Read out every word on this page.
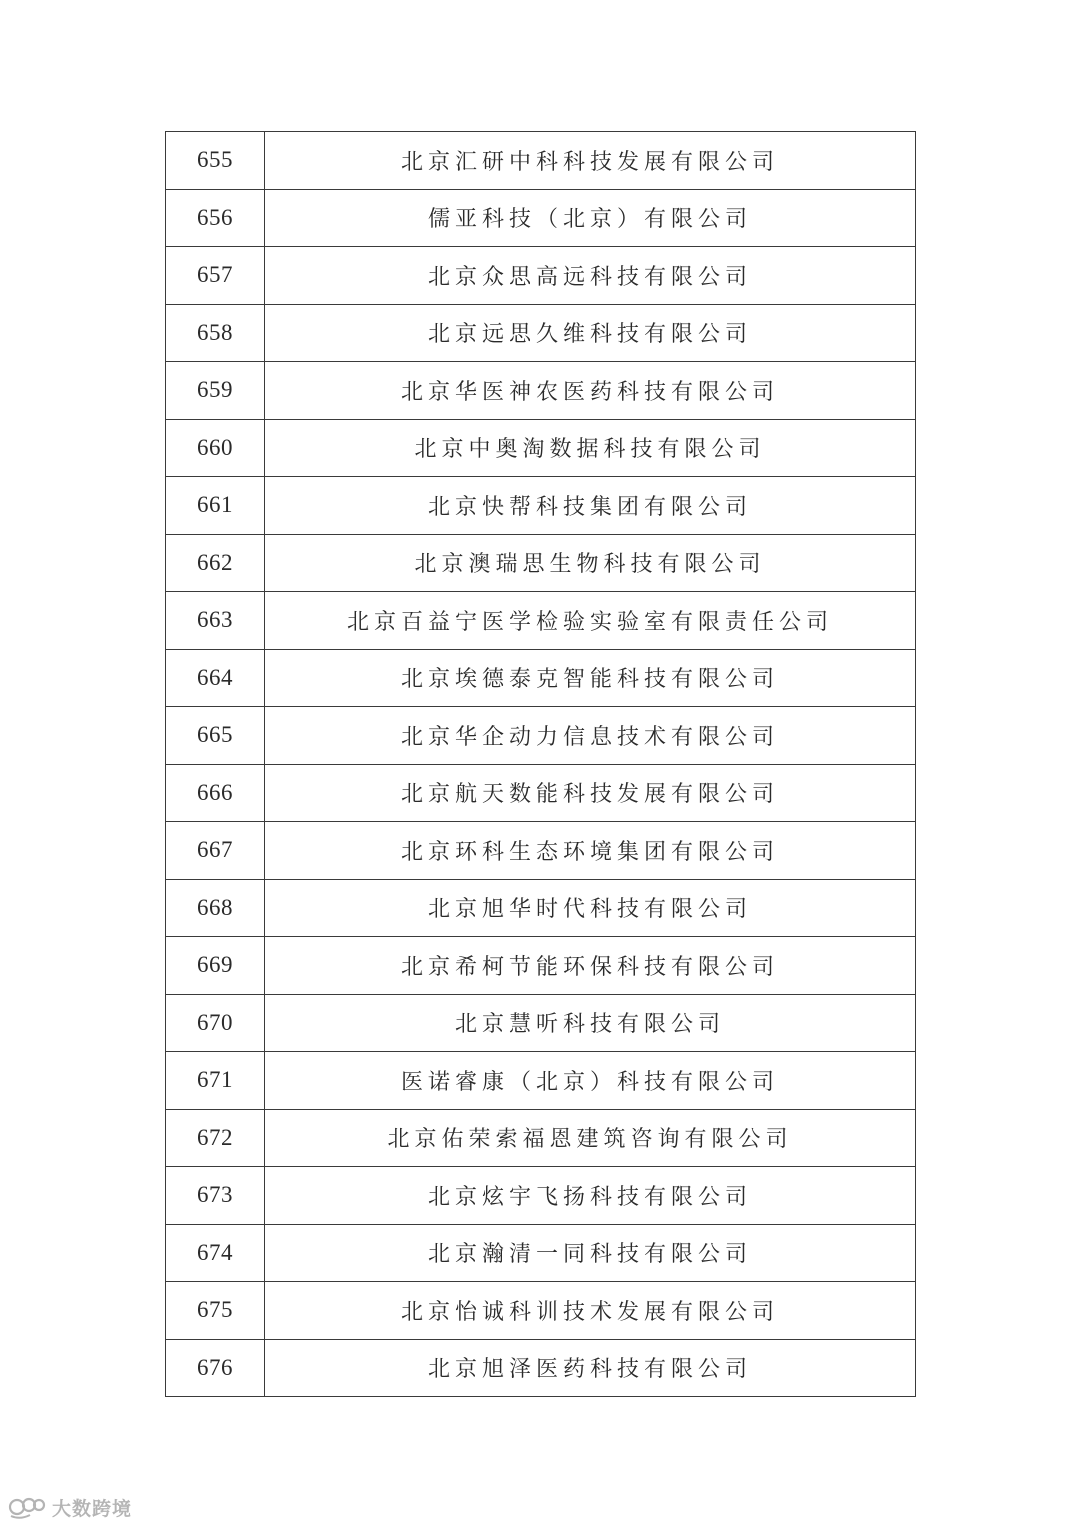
655	北京汇研中科科技发展有限公司
656	儒亚科技（北京）有限公司
657	北京众思高远科技有限公司
658	北京远思久维科技有限公司
659	北京华医神农医药科技有限公司
660	北京中奥淘数据科技有限公司
661	北京快帮科技集团有限公司
662	北京澳瑞思生物科技有限公司
663	北京百益宁医学检验实验室有限责任公司
664	北京埃德泰克智能科技有限公司
665	北京华企动力信息技术有限公司
666	北京航天数能科技发展有限公司
667	北京环科生态环境集团有限公司
668	北京旭华时代科技有限公司
669	北京希柯节能环保科技有限公司
670	北京慧听科技有限公司
671	医诺睿康（北京）科技有限公司
672	北京佑荣索福恩建筑咨询有限公司
673	北京炫宇飞扬科技有限公司
674	北京瀚清一同科技有限公司
675	北京怡诚科训技术发展有限公司
676	北京旭泽医药科技有限公司
大数跨境
